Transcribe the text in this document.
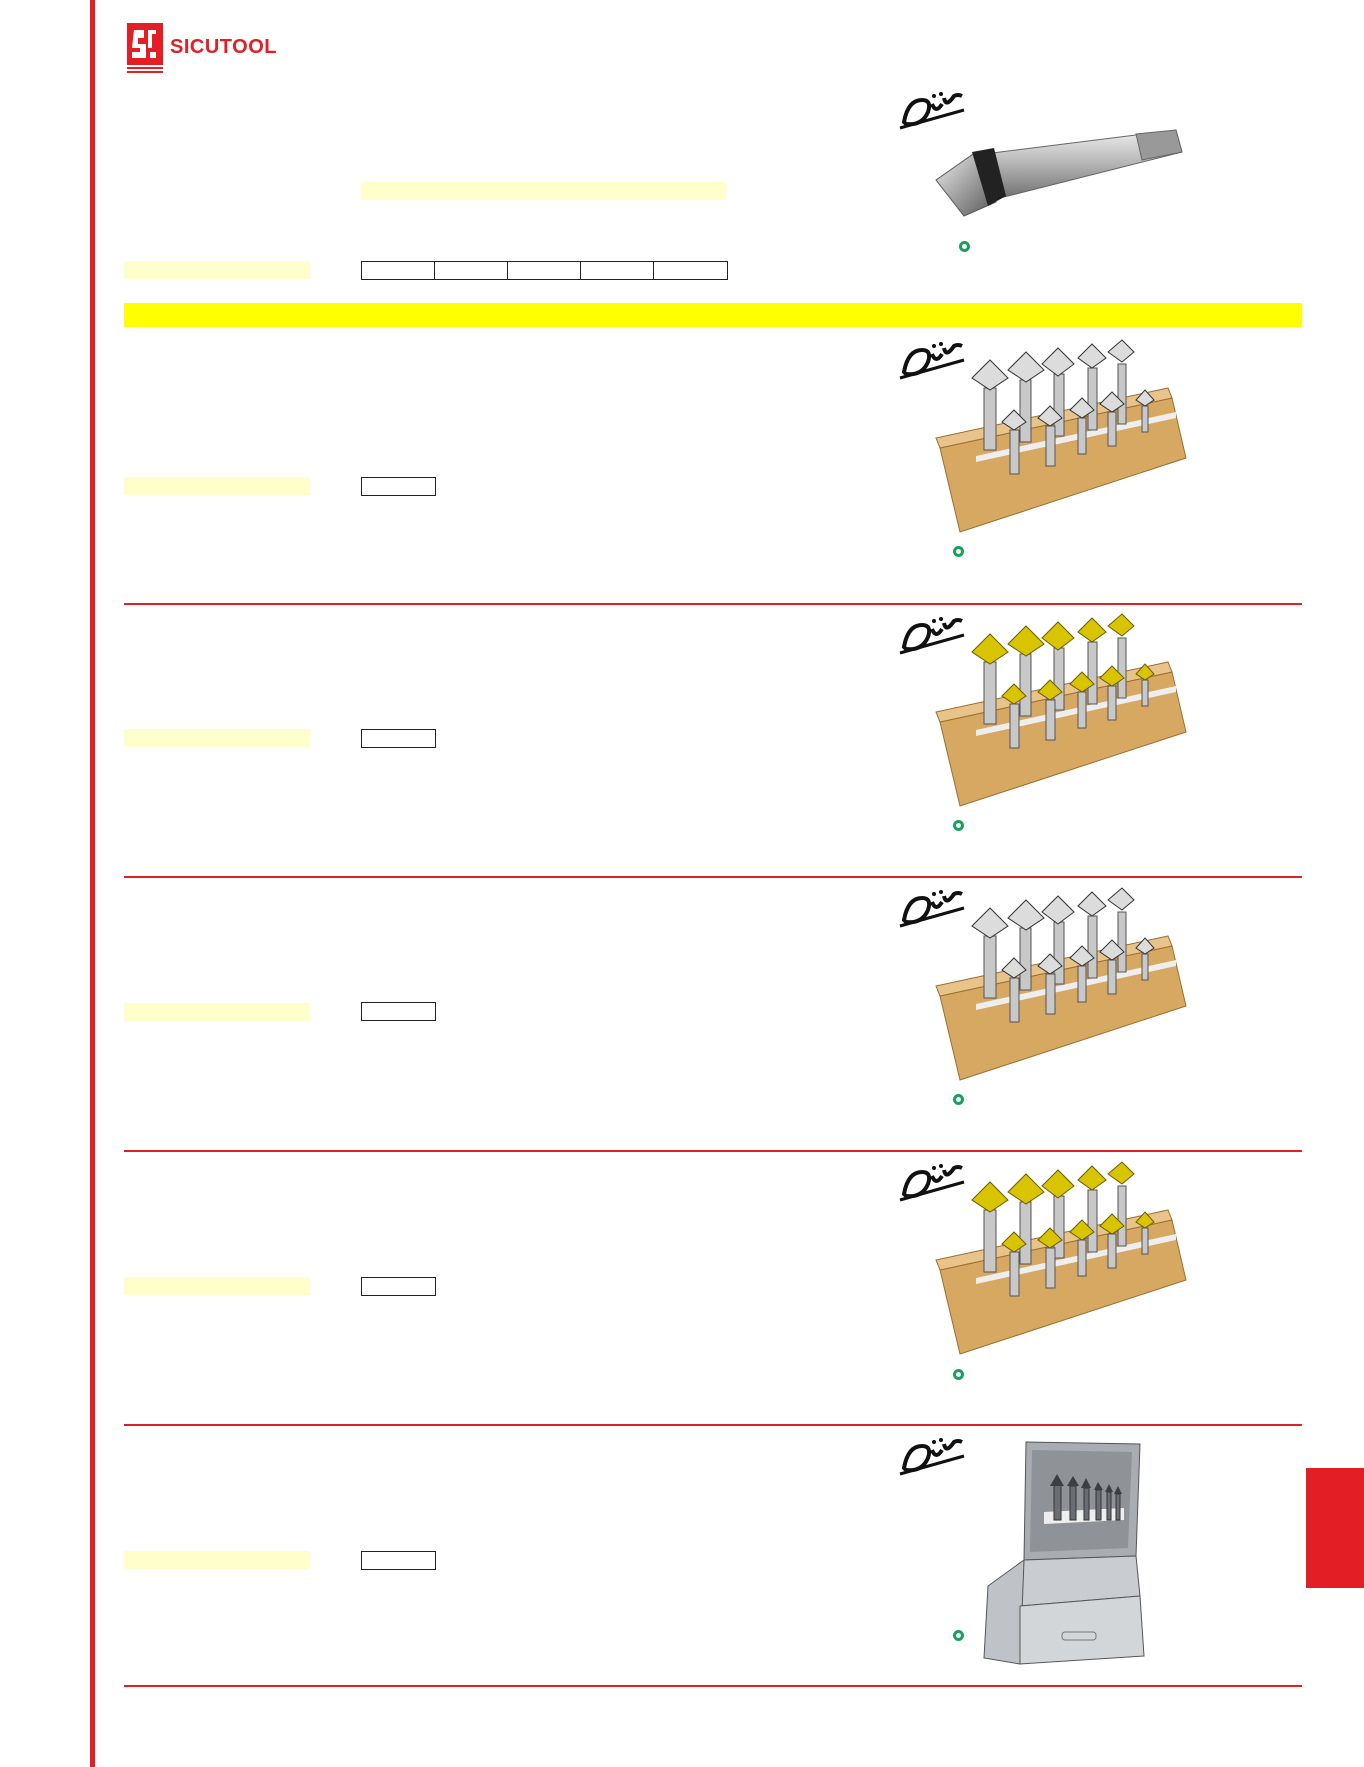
SICUTOOL
